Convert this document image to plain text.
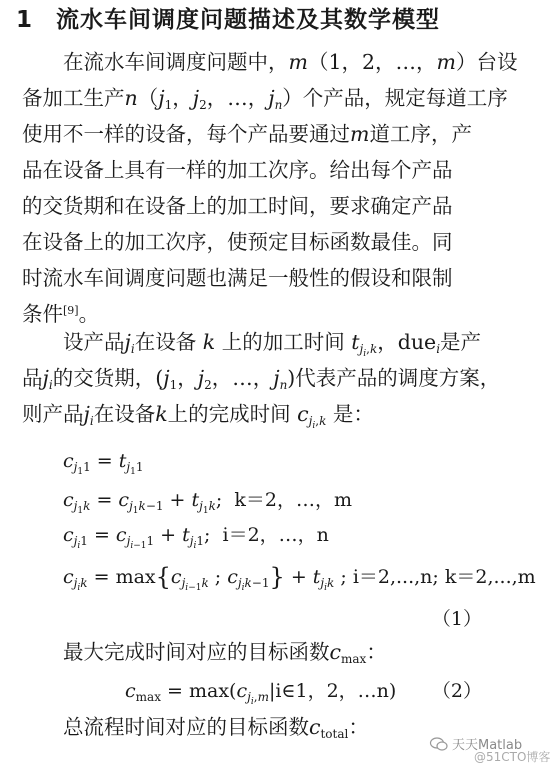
1 流水车间调度问题描述及其数学模型
在流水车间调度问题中，m（1，2，…，m）台设
备加工生产$n(j_1$，$j_2$，…，$j_n$）个产品，规定每道工序
使用不一样的设备，每个产品要通过m道工序，产
品在设备上具有一样的加工次序。给出每个产品
的交货期和在设备上的加工时间，要求确定产品
在设备上的加工次序，使预定目标函数最佳。同
时流水车间调度问题也满足一般性的假设和限制
条件[9]。
设产品$j_i$在设备 k 上的加工时间 $t_{j_i,k}$，due$_i$是产
品$j_i$的交货期，($j_1$，$j_2$，…，$j_n$)代表产品的调度方案，
则产品$j_i$在设备k上的完成时间 $c_{j_i,k}$ 是：
$c_{j_11} = t_{j_11}$
$c_{j_1k} = c_{j_1k-1} + t_{j_1k}$;  k＝2，…，m
$c_{j_i1} = c_{j_{i-1}1} + t_{j_i1}$;  i＝2，…，n
$c_{j_ik} = \max\{c_{j_{i-1}k}$ ; $c_{j_ik-1}\} + t_{j_ik}$ ; i＝2,...,n; k＝2,...,m
（1）
最大完成时间对应的目标函数$c_{max}$：
$c_{max}$ = $\max(c_{j_i,m}|i\in 1$，2，…n) （2）
总流程时间对应的目标函数$c_{total}$：
天天Matlab
@51CTO博客
